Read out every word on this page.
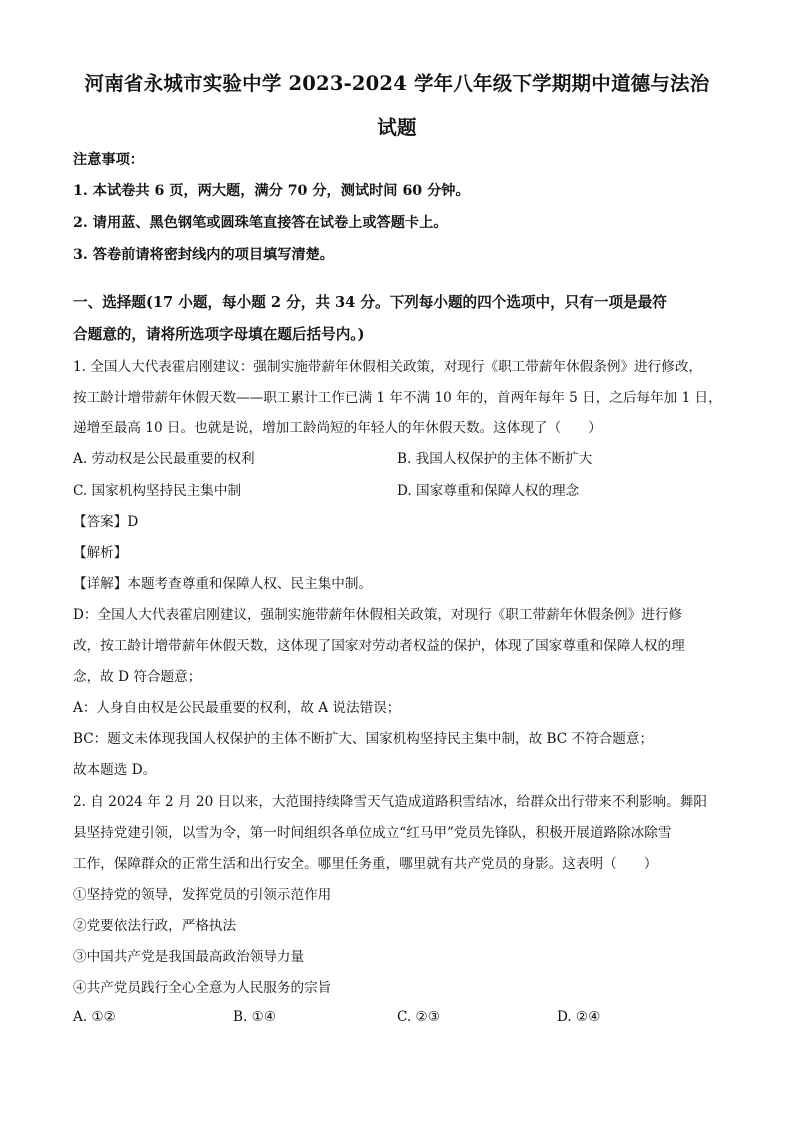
河南省永城市实验中学 2023-2024 学年八年级下学期期中道德与法治
试题
注意事项：
1. 本试卷共 6 页，两大题，满分 70 分，测试时间 60 分钟。
2. 请用蓝、黑色钢笔或圆珠笔直接答在试卷上或答题卡上。
3. 答卷前请将密封线内的项目填写清楚。
一、选择题(17 小题，每小题 2 分，共 34 分。下列每小题的四个选项中，只有一项是最符
合题意的，请将所选项字母填在题后括号内。)
1. 全国人大代表霍启刚建议：强制实施带薪年休假相关政策，对现行《职工带薪年休假条例》进行修改，
按工龄计增带薪年休假天数——职工累计工作已满 1 年不满 10 年的，首两年每年 5 日，之后每年加 1 日，
递增至最高 10 日。也就是说，增加工龄尚短的年轻人的年休假天数。这体现了（　　）
A. 劳动权是公民最重要的权利	B. 我国人权保护的主体不断扩大
C. 国家机构坚持民主集中制	D. 国家尊重和保障人权的理念
【答案】D
【解析】
【详解】本题考查尊重和保障人权、民主集中制。
D：全国人大代表霍启刚建议，强制实施带薪年休假相关政策，对现行《职工带薪年休假条例》进行修
改，按工龄计增带薪年休假天数，这体现了国家对劳动者权益的保护，体现了国家尊重和保障人权的理
念，故 D 符合题意；
A：人身自由权是公民最重要的权利，故 A 说法错误；
BC：题文未体现我国人权保护的主体不断扩大、国家机构坚持民主集中制，故 BC 不符合题意；
故本题选 D。
2. 自 2024 年 2 月 20 日以来，大范围持续降雪天气造成道路积雪结冰，给群众出行带来不利影响。舞阳
县坚持党建引领，以雪为令，第一时间组织各单位成立“红马甲”党员先锋队，积极开展道路除冰除雪
工作，保障群众的正常生活和出行安全。哪里任务重，哪里就有共产党员的身影。这表明（　　）
①坚持党的领导，发挥党员的引领示范作用
②党要依法行政，严格执法
③中国共产党是我国最高政治领导力量
④共产党员践行全心全意为人民服务的宗旨
A. ①②	B. ①④	C. ②③	D. ②④
